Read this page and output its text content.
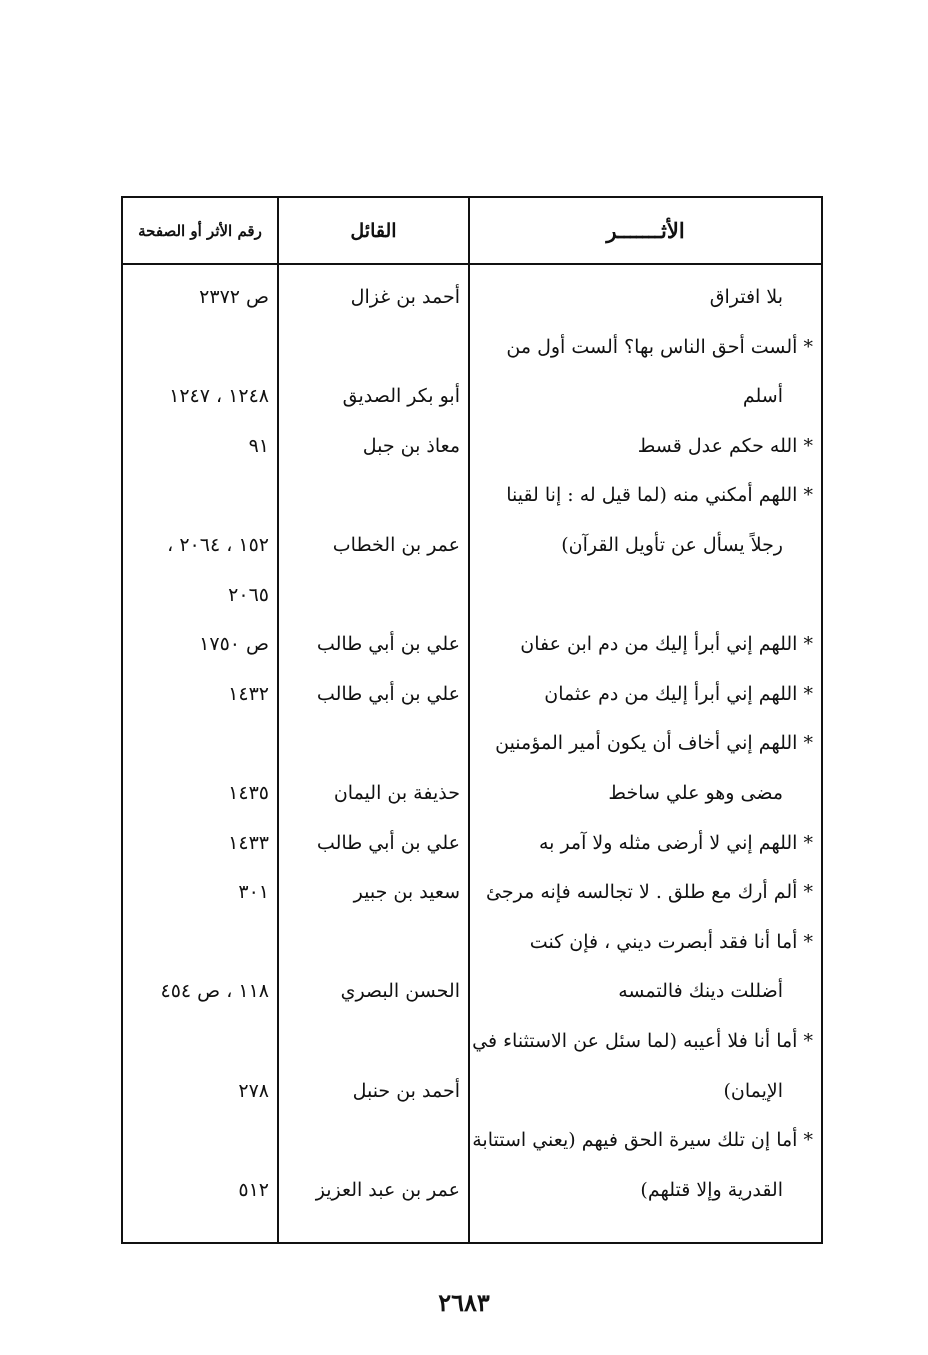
رقم الأثر أو الصفحة	القائل	الأثـــــــر
بلا افتراق
أحمد بن غزال
ص ٢٣٧٢
* ألست أحق الناس بها؟ ألست أول من
أسلم
أبو بكر الصديق
١٢٤٨ ، ١٢٤٧
* الله حكم عدل قسط
معاذ بن جبل
٩١
* اللهم أمكني منه (لما قيل له : إنا لقينا
رجلاً يسأل عن تأويل القرآن)
عمر بن الخطاب
١٥٢ ، ٢٠٦٤ ،
٢٠٦٥
* اللهم إني أبرأ إليك من دم ابن عفان
علي بن أبي طالب
ص ١٧٥٠
* اللهم إني أبرأ إليك من دم عثمان
علي بن أبي طالب
١٤٣٢
* اللهم إني أخاف أن يكون أمير المؤمنين
مضى وهو علي ساخط
حذيفة بن اليمان
١٤٣٥
* اللهم إني لا أرضى مثله ولا آمر به
علي بن أبي طالب
١٤٣٣
* ألم أرك مع طلق . لا تجالسه فإنه مرجئ
سعيد بن جبير
٣٠١
* أما أنا فقد أبصرت ديني ، فإن كنت
أضللت دينك فالتمسه
الحسن البصري
١١٨ ، ص ٤٥٤
* أما أنا فلا أعيبه (لما سئل عن الاستثناء في
الإيمان)
أحمد بن حنبل
٢٧٨
* أما إن تلك سيرة الحق فيهم (يعني استتابة
القدرية وإلا قتلهم)
عمر بن عبد العزيز
٥١٢
٢٦٨٣
